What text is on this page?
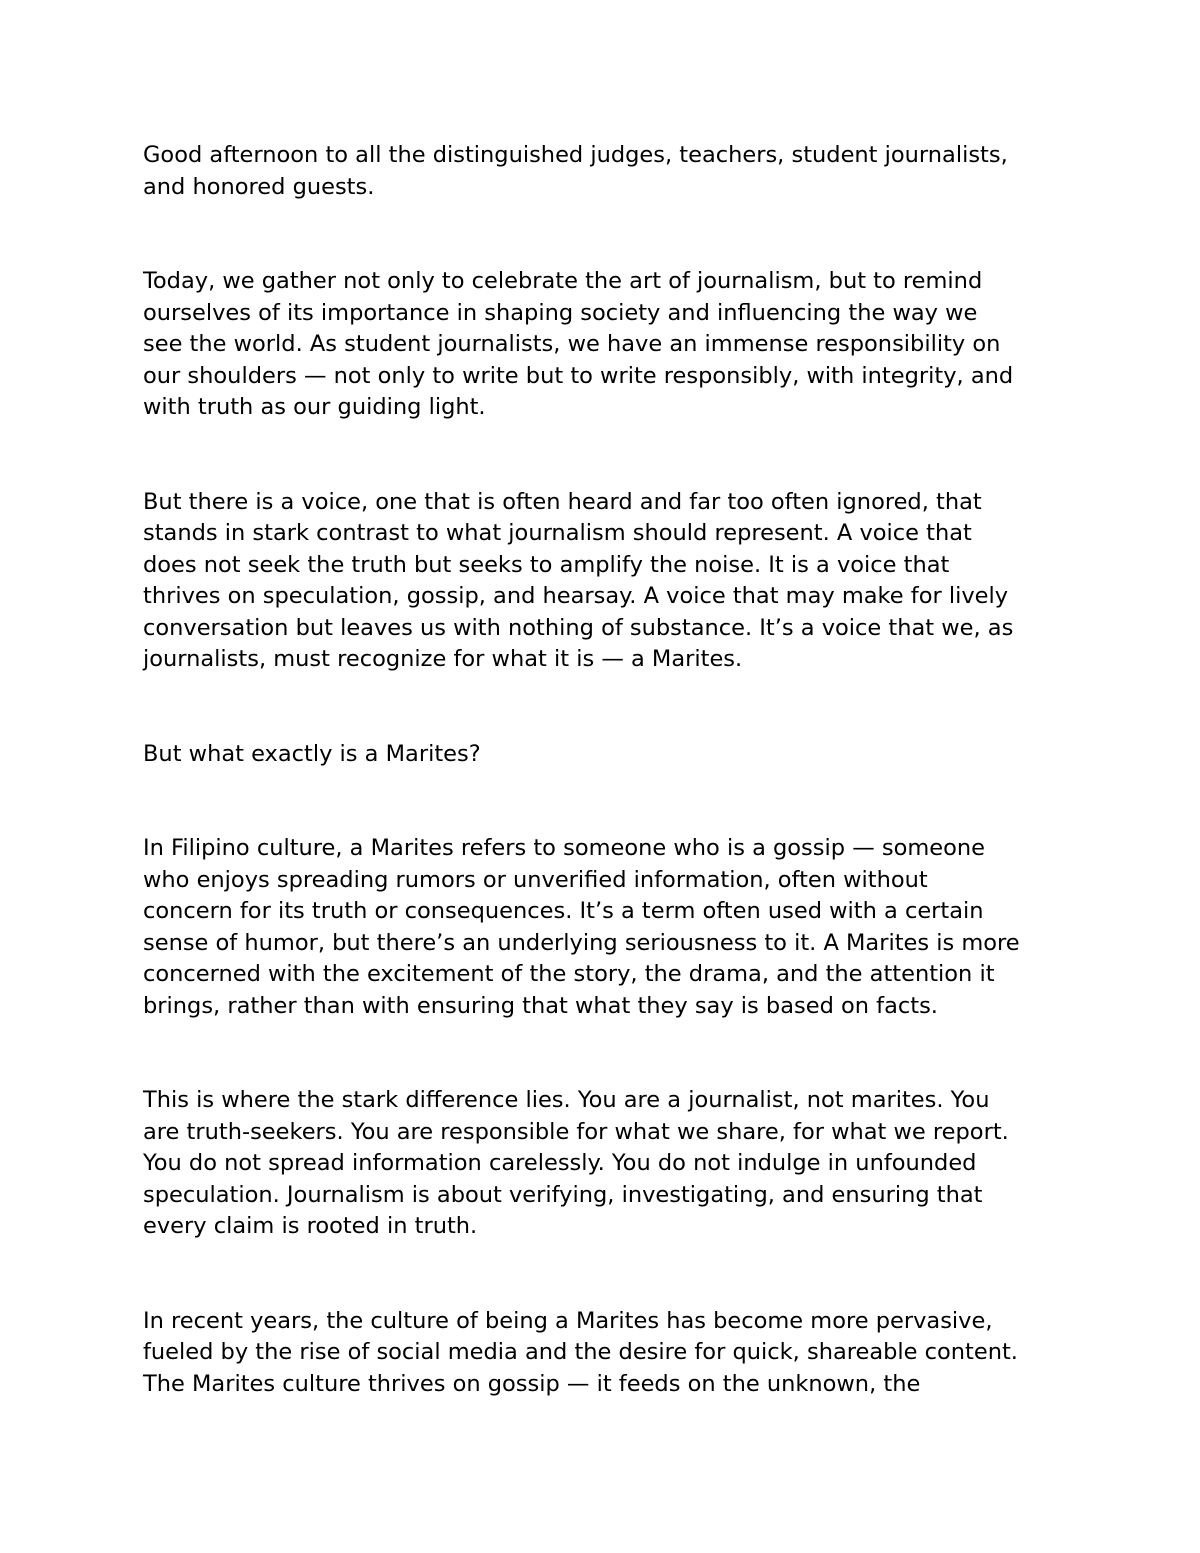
Good afternoon to all the distinguished judges, teachers, student journalists,
and honored guests.

Today, we gather not only to celebrate the art of journalism, but to remind
ourselves of its importance in shaping society and influencing the way we
see the world. As student journalists, we have an immense responsibility on
our shoulders — not only to write but to write responsibly, with integrity, and
with truth as our guiding light.

But there is a voice, one that is often heard and far too often ignored, that
stands in stark contrast to what journalism should represent. A voice that
does not seek the truth but seeks to amplify the noise. It is a voice that
thrives on speculation, gossip, and hearsay. A voice that may make for lively
conversation but leaves us with nothing of substance. It’s a voice that we, as
journalists, must recognize for what it is — a Marites.

But what exactly is a Marites?

In Filipino culture, a Marites refers to someone who is a gossip — someone
who enjoys spreading rumors or unverified information, often without
concern for its truth or consequences. It’s a term often used with a certain
sense of humor, but there’s an underlying seriousness to it. A Marites is more
concerned with the excitement of the story, the drama, and the attention it
brings, rather than with ensuring that what they say is based on facts.

This is where the stark difference lies. You are a journalist, not marites. You
are truth-seekers. You are responsible for what we share, for what we report.
You do not spread information carelessly. You do not indulge in unfounded
speculation. Journalism is about verifying, investigating, and ensuring that
every claim is rooted in truth.

In recent years, the culture of being a Marites has become more pervasive,
fueled by the rise of social media and the desire for quick, shareable content.
The Marites culture thrives on gossip — it feeds on the unknown, the
